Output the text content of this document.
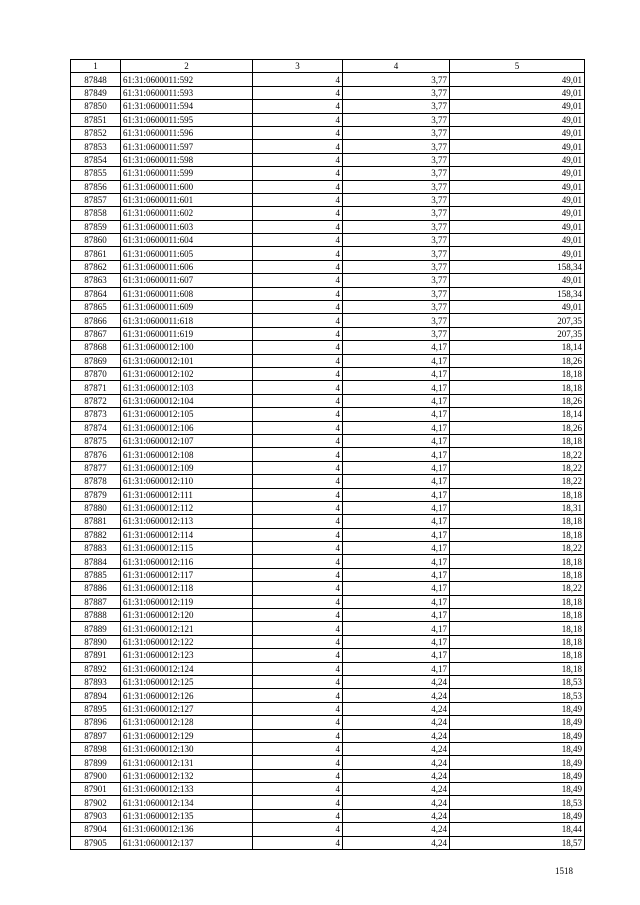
1	2	3	4	5
87848	61:31:0600011:592	4	3,77	49,01
87849	61:31:0600011:593	4	3,77	49,01
87850	61:31:0600011:594	4	3,77	49,01
87851	61:31:0600011:595	4	3,77	49,01
87852	61:31:0600011:596	4	3,77	49,01
87853	61:31:0600011:597	4	3,77	49,01
87854	61:31:0600011:598	4	3,77	49,01
87855	61:31:0600011:599	4	3,77	49,01
87856	61:31:0600011:600	4	3,77	49,01
87857	61:31:0600011:601	4	3,77	49,01
87858	61:31:0600011:602	4	3,77	49,01
87859	61:31:0600011:603	4	3,77	49,01
87860	61:31:0600011:604	4	3,77	49,01
87861	61:31:0600011:605	4	3,77	49,01
87862	61:31:0600011:606	4	3,77	158,34
87863	61:31:0600011:607	4	3,77	49,01
87864	61:31:0600011:608	4	3,77	158,34
87865	61:31:0600011:609	4	3,77	49,01
87866	61:31:0600011:618	4	3,77	207,35
87867	61:31:0600011:619	4	3,77	207,35
87868	61:31:0600012:100	4	4,17	18,14
87869	61:31:0600012:101	4	4,17	18,26
87870	61:31:0600012:102	4	4,17	18,18
87871	61:31:0600012:103	4	4,17	18,18
87872	61:31:0600012:104	4	4,17	18,26
87873	61:31:0600012:105	4	4,17	18,14
87874	61:31:0600012:106	4	4,17	18,26
87875	61:31:0600012:107	4	4,17	18,18
87876	61:31:0600012:108	4	4,17	18,22
87877	61:31:0600012:109	4	4,17	18,22
87878	61:31:0600012:110	4	4,17	18,22
87879	61:31:0600012:111	4	4,17	18,18
87880	61:31:0600012:112	4	4,17	18,31
87881	61:31:0600012:113	4	4,17	18,18
87882	61:31:0600012:114	4	4,17	18,18
87883	61:31:0600012:115	4	4,17	18,22
87884	61:31:0600012:116	4	4,17	18,18
87885	61:31:0600012:117	4	4,17	18,18
87886	61:31:0600012:118	4	4,17	18,22
87887	61:31:0600012:119	4	4,17	18,18
87888	61:31:0600012:120	4	4,17	18,18
87889	61:31:0600012:121	4	4,17	18,18
87890	61:31:0600012:122	4	4,17	18,18
87891	61:31:0600012:123	4	4,17	18,18
87892	61:31:0600012:124	4	4,17	18,18
87893	61:31:0600012:125	4	4,24	18,53
87894	61:31:0600012:126	4	4,24	18,53
87895	61:31:0600012:127	4	4,24	18,49
87896	61:31:0600012:128	4	4,24	18,49
87897	61:31:0600012:129	4	4,24	18,49
87898	61:31:0600012:130	4	4,24	18,49
87899	61:31:0600012:131	4	4,24	18,49
87900	61:31:0600012:132	4	4,24	18,49
87901	61:31:0600012:133	4	4,24	18,49
87902	61:31:0600012:134	4	4,24	18,53
87903	61:31:0600012:135	4	4,24	18,49
87904	61:31:0600012:136	4	4,24	18,44
87905	61:31:0600012:137	4	4,24	18,57
1518
